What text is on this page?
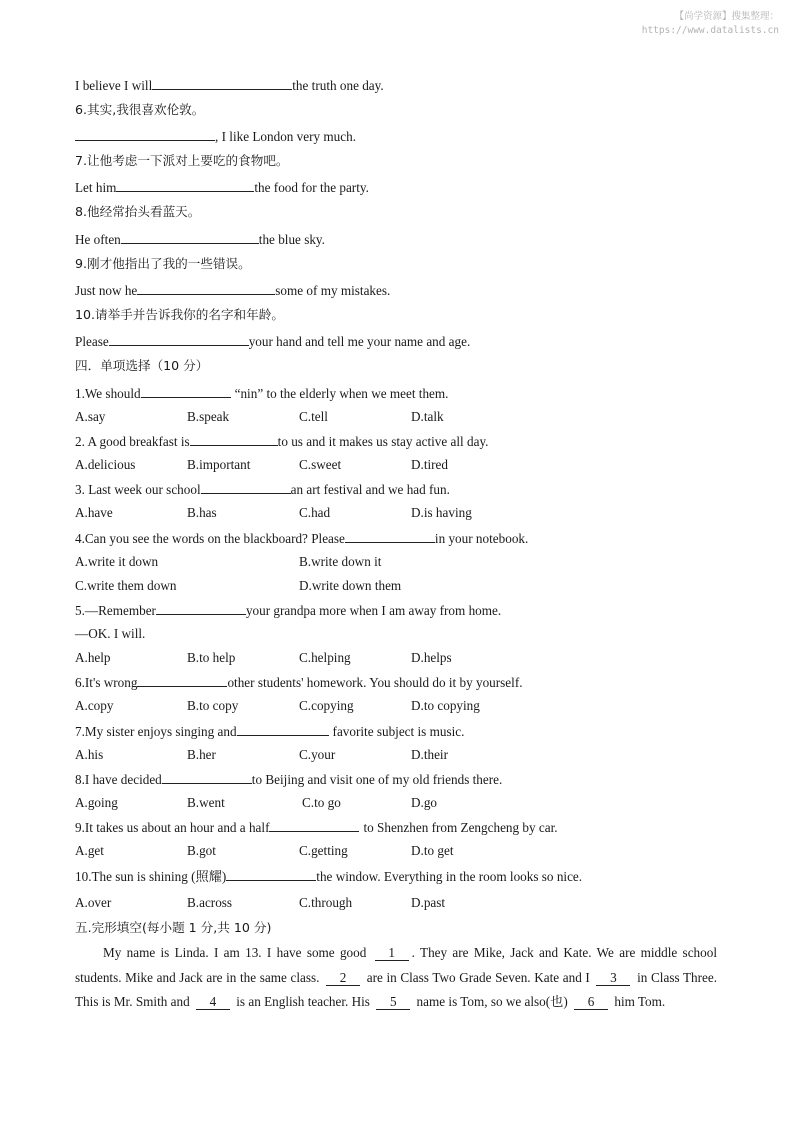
【尚学资源】搜集整理：
https://www.datalists.cn
I believe I will	the truth one day.
6.其实,我很喜欢伦敦。
, I like London very much.
7.让他考虑一下派对上要吃的食物吧。
Let him	the food for the party.
8.他经常抬头看蓝天。
He often	the blue sky.
9.刚才他指出了我的一些错误。
Just now he	some of my mistakes.
10.请举手并告诉我你的名字和年龄。
Please	your hand and tell me your name and age.
四．单项选择（10 分）
1.We should	“nin” to the elderly when we meet them.
A.say	B.speak	C.tell	D.talk
2. A good breakfast is	to us and it makes us stay active all day.
A.delicious	B.important	C.sweet	D.tired
3. Last week our school	an art festival and we had fun.
A.have	B.has	C.had	D.is having
4.Can you see the words on the blackboard? Please	in your notebook.
A.write it down	B.write down it
C.write them down	D.write down them
5.—Remember	your grandpa more when I am away from home.
—OK. I will.
A.help	B.to help	C.helping	D.helps
6.It's wrong	other students' homework. You should do it by yourself.
A.copy	B.to copy	C.copying	D.to copying
7.My sister enjoys singing and	favorite subject is music.
A.his	B.her	C.your	D.their
8.I have decided	to Beijing and visit one of my old friends there.
A.going	B.went	C.to go	D.go
9.It takes us about an hour and a half	to Shenzhen from Zengcheng by car.
A.get	B.got	C.getting	D.to get
10.The sun is shining (照耀)	the window. Everything in the room looks so nice.
A.over	B.across	C.through	D.past
五.完形填空(每小题 1 分,共 10 分)
My name is Linda. I am 13. I have some good 1 . They are Mike, Jack and Kate. We are middle school students. Mike and Jack are in the same class. 2 are in Class Two Grade Seven. Kate and I 3 in Class Three. This is Mr. Smith and 4 is an English teacher. His 5 name is Tom, so we also(也) 6 him Tom.
